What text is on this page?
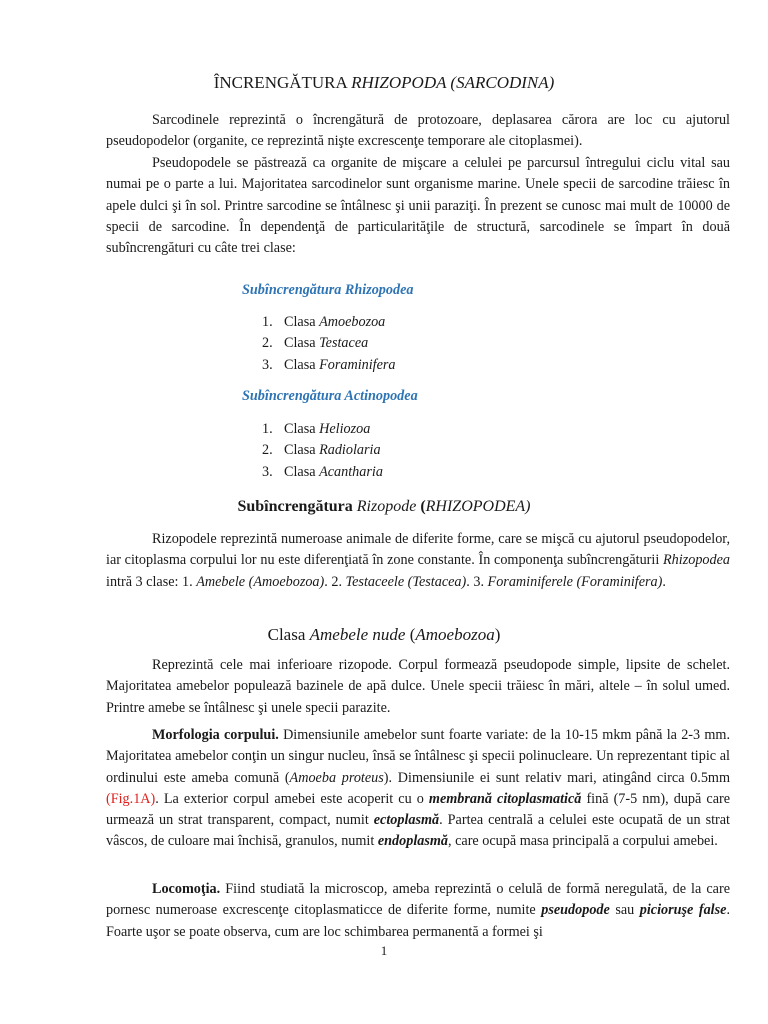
ÎNCRENGĂTURA RHIZOPODA (SARCODINA)

Sarcodinele reprezintă o încrengătură de protozoare, deplasarea cărora are loc cu ajutorul pseudopodelor (organite, ce reprezintă nişte excrescenţe temporare ale citoplasmei).

Pseudopodele se păstrează ca organite de mişcare a celulei pe parcursul întregului ciclu vital sau numai pe o parte a lui. Majoritatea sarcodinelor sunt organisme marine. Unele specii de sarcodine trăiesc în apele dulci şi în sol. Printre sarcodine se întâlnesc şi unii paraziţi. În prezent se cunosc mai mult de 10000 de specii de sarcodine. În dependenţă de particularităţile de structură, sarcodinele se împart în două subîncrengături cu câte trei clase:

Subîncrengătura Rhizopodea
1. Clasa Amoebozoa
2. Clasa Testacea
3. Clasa Foraminifera
Subîncrengătura Actinopodea
1. Clasa Heliozoa
2. Clasa Radiolaria
3. Clasa Acantharia
Subîncrengătura Rizopode (RHIZOPODEA)

Rizopodele reprezintă numeroase animale de diferite forme, care se mişcă cu ajutorul pseudopodelor, iar citoplasma corpului lor nu este diferenţiată în zone constante. În componenţa subîncrengăturii Rhizopodea intră 3 clase: 1. Amebele (Amoebozoa). 2. Testaceele (Testacea). 3. Foraminiferele (Foraminifera).

Clasa Amebele nude (Amoebozoa)

Reprezintă cele mai inferioare rizopode. Corpul formează pseudopode simple, lipsite de schelet. Majoritatea amebelor populează bazinele de apă dulce. Unele specii trăiesc în mări, altele – în solul umed. Printre amebe se întâlnesc şi unele specii parazite.

Morfologia corpului. Dimensiunile amebelor sunt foarte variate: de la 10-15 mkm până la 2-3 mm. Majoritatea amebelor conţin un singur nucleu, însă se întâlnesc şi specii polinucleare. Un reprezentant tipic al ordinului este ameba comună (Amoeba proteus). Dimensiunile ei sunt relativ mari, atingând circa 0.5mm (Fig.1A). La exterior corpul amebei este acoperit cu o membrană citoplasmatică fină (7-5 nm), după care urmează un strat transparent, compact, numit ectoplasmă. Partea centrală a celulei este ocupată de un strat vâscos, de culoare mai închisă, granulos, numit endoplasmă, care ocupă masa principală a corpului amebei.

Locomoţia. Fiind studiată la microscop, ameba reprezintă o celulă de formă neregulată, de la care pornesc numeroase excrescenţe citoplasmaticce de diferite forme, numite pseudopode sau picioruşe false. Foarte uşor se poate observa, cum are loc schimbarea permanentă a formei şi

1
